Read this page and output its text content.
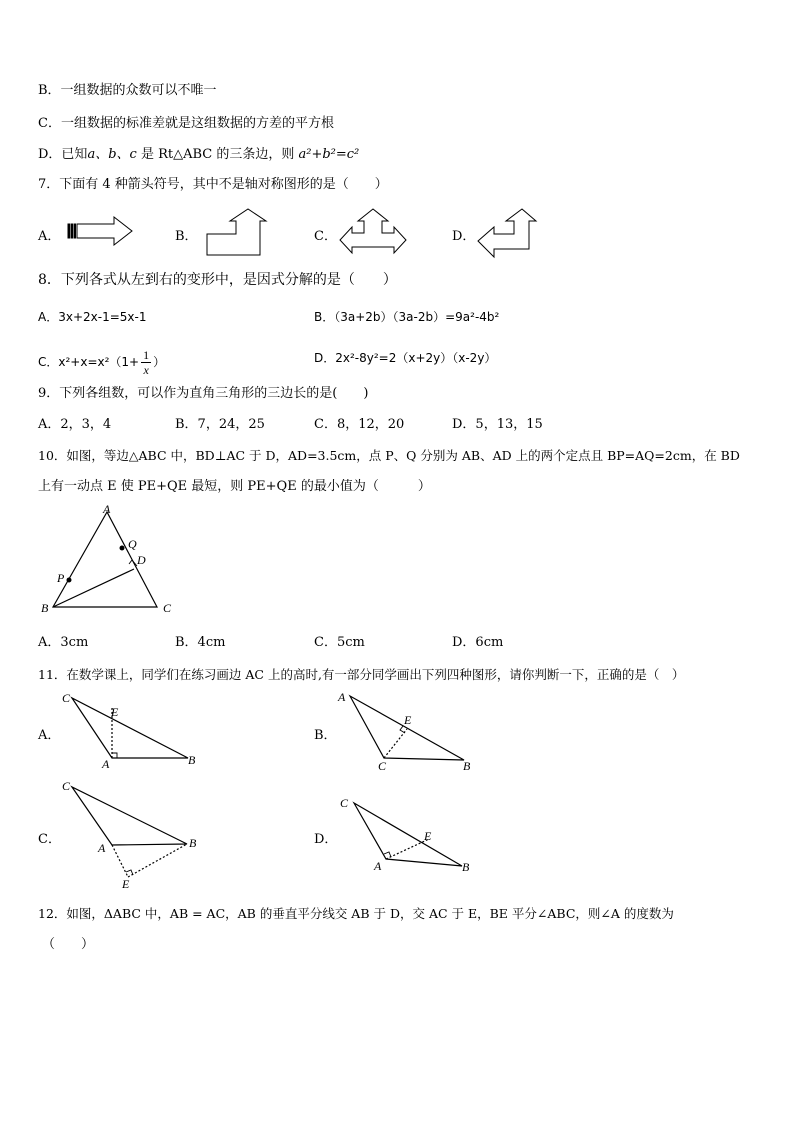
B．一组数据的众数可以不唯一
C．一组数据的标准差就是这组数据的方差的平方根
D．已知a、b、c 是 Rt△ABC 的三条边，则 a²+b²=c²
7．下面有 4 种箭头符号，其中不是轴对称图形的是（　　）
A．	B．	C．	D．
8．下列各式从左到右的变形中，是因式分解的是（　　）
A．3x+2x-1=5x-1	B．（3a+2b）（3a-2b）=9a²-4b²
C．$x^2+x=x^2(1+ \frac{1}{x}$ ）	D．2x²-8y²=2（x+2y）（x-2y）
9．下列各组数，可以作为直角三角形的三边长的是(　　)
A．2，3，4	B．7，24，25	C．8，12，20	D．5，13，15
10．如图，等边△ABC 中，BD⊥AC 于 D，AD=3.5cm，点 P、Q 分别为 AB、AD 上的两个定点且 BP=AQ=2cm，在 BD
上有一动点 E 使 PE+QE 最短，则 PE+QE 的最小值为（　　　）
A
Q
D
P
B	C
A．3cm	B．4cm	C．5cm	D．6cm
11．在数学课上，同学们在练习画边 AC 上的高时,有一部分同学画出下列四种图形，请你判断一下，正确的是（　）
A．
C
E
A	B
B．
A
E
C	B
C．
C
A	B
E
D．
C
E
A	B
12．如图，ΔABC 中，AB = AC，AB 的垂直平分线交 AB 于 D，交 AC 于 E，BE 平分∠ABC，则∠A 的度数为
（　　）
